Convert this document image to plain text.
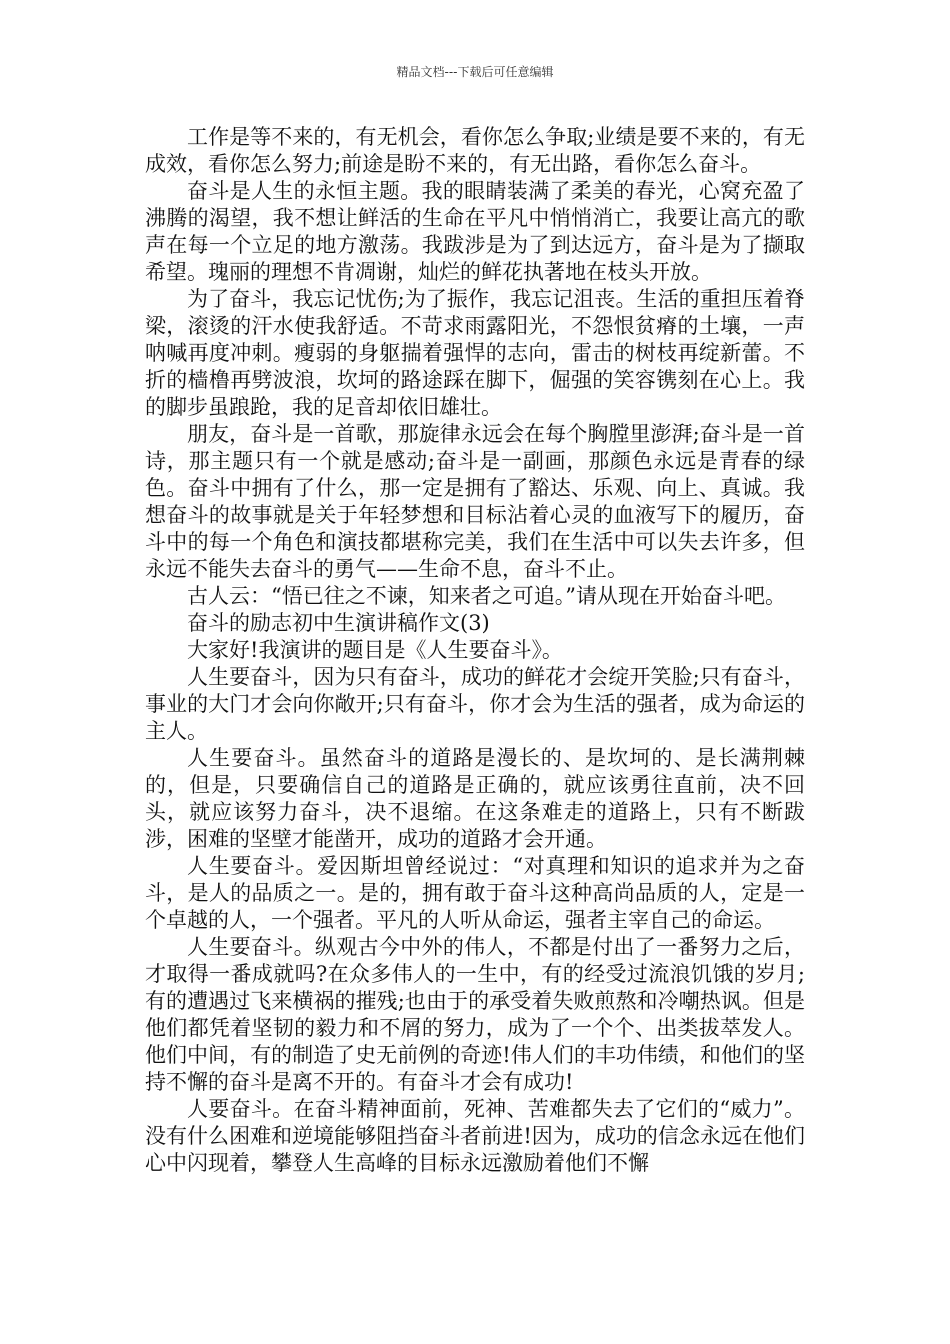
精品文档---下载后可任意编辑

工作是等不来的，有无机会，看你怎么争取;业绩是要不来的，有无成效，看你怎么努力;前途是盼不来的，有无出路，看你怎么奋斗。

奋斗是人生的永恒主题。我的眼睛装满了柔美的春光，心窝充盈了沸腾的渴望，我不想让鲜活的生命在平凡中悄悄消亡，我要让高亢的歌声在每一个立足的地方激荡。我跋涉是为了到达远方，奋斗是为了撷取希望。瑰丽的理想不肯凋谢，灿烂的鲜花执著地在枝头开放。

为了奋斗，我忘记忧伤;为了振作，我忘记沮丧。生活的重担压着脊梁，滚烫的汗水使我舒适。不苛求雨露阳光，不怨恨贫瘠的土壤，一声呐喊再度冲刺。瘦弱的身躯揣着强悍的志向，雷击的树枝再绽新蕾。不折的樯橹再劈波浪，坎坷的路途踩在脚下，倔强的笑容镌刻在心上。我的脚步虽踉跄，我的足音却依旧雄壮。

朋友，奋斗是一首歌，那旋律永远会在每个胸膛里澎湃;奋斗是一首诗，那主题只有一个就是感动;奋斗是一副画，那颜色永远是青春的绿色。奋斗中拥有了什么，那一定是拥有了豁达、乐观、向上、真诚。我想奋斗的故事就是关于年轻梦想和目标沾着心灵的血液写下的履历，奋斗中的每一个角色和演技都堪称完美，我们在生活中可以失去许多，但永远不能失去奋斗的勇气——生命不息，奋斗不止。

古人云：“悟已往之不谏，知来者之可追。”请从现在开始奋斗吧。

奋斗的励志初中生演讲稿作文(3)

大家好!我演讲的题目是《人生要奋斗》。

人生要奋斗，因为只有奋斗，成功的鲜花才会绽开笑脸;只有奋斗，事业的大门才会向你敞开;只有奋斗，你才会为生活的强者，成为命运的主人。

人生要奋斗。虽然奋斗的道路是漫长的、是坎坷的、是长满荆棘的，但是，只要确信自己的道路是正确的，就应该勇往直前，决不回头，就应该努力奋斗，决不退缩。在这条难走的道路上，只有不断跋涉，困难的坚壁才能凿开，成功的道路才会开通。

人生要奋斗。爱因斯坦曾经说过：“对真理和知识的追求并为之奋斗，是人的品质之一。是的，拥有敢于奋斗这种高尚品质的人，定是一个卓越的人，一个强者。平凡的人听从命运，强者主宰自己的命运。

人生要奋斗。纵观古今中外的伟人，不都是付出了一番努力之后，才取得一番成就吗?在众多伟人的一生中，有的经受过流浪饥饿的岁月;有的遭遇过飞来横祸的摧残;也由于的承受着失败煎熬和冷嘲热讽。但是他们都凭着坚韧的毅力和不屑的努力，成为了一个个、出类拔萃发人。他们中间，有的制造了史无前例的奇迹!伟人们的丰功伟绩，和他们的坚持不懈的奋斗是离不开的。有奋斗才会有成功!

人要奋斗。在奋斗精神面前，死神、苦难都失去了它们的“威力”。没有什么困难和逆境能够阻挡奋斗者前进!因为，成功的信念永远在他们心中闪现着，攀登人生高峰的目标永远激励着他们不懈
